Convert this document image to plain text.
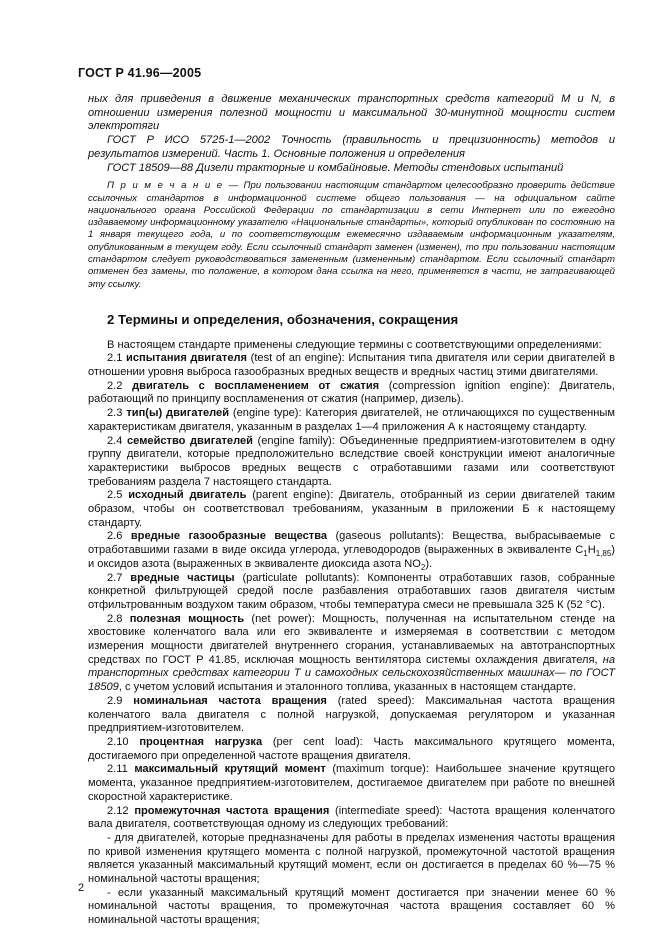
ГОСТ Р 41.96—2005

ных для приведения в движение механических транспортных средств категорий M и N, в отношении измерения полезной мощности и максимальной 30-минутной мощности систем электротяги

ГОСТ Р ИСО 5725-1—2002 Точность (правильность и прецизионность) методов и результатов измерений. Часть 1. Основные положения и определения

ГОСТ 18509—88 Дизели тракторные и комбайновые. Методы стендовых испытаний

П р и м е ч а н и е — При пользовании настоящим стандартом целесообразно проверить действие ссылочных стандартов в информационной системе общего пользования — на официальном сайте национального органа Российской Федерации по стандартизации в сети Интернет или по ежегодно издаваемому информационному указателю «Национальные стандарты», который опубликован по состоянию на 1 января текущего года, и по соответствующим ежемесячно издаваемым информационным указателям, опубликованным в текущем году. Если ссылочный стандарт заменен (изменен), то при пользовании настоящим стандартом следует руководствоваться замененным (измененным) стандартом. Если ссылочный стандарт отменен без замены, то положение, в котором дана ссылка на него, применяется в части, не затрагивающей эту ссылку.

2 Термины и определения, обозначения, сокращения

В настоящем стандарте применены следующие термины с соответствующими определениями:

2.1 испытания двигателя (test of an engine): Испытания типа двигателя или серии двигателей в отношении уровня выброса газообразных вредных веществ и вредных частиц этими двигателями.

2.2 двигатель с воспламенением от сжатия (compression ignition engine): Двигатель, работающий по принципу воспламенения от сжатия (например, дизель).

2.3 тип(ы) двигателей (engine type): Категория двигателей, не отличающихся по существенным характеристикам двигателя, указанным в разделах 1—4 приложения А к настоящему стандарту.

2.4 семейство двигателей (engine family): Объединенные предприятием-изготовителем в одну группу двигатели, которые предположительно вследствие своей конструкции имеют аналогичные характеристики выбросов вредных веществ с отработавшими газами или соответствуют требованиям раздела 7 настоящего стандарта.

2.5 исходный двигатель (parent engine): Двигатель, отобранный из серии двигателей таким образом, чтобы он соответствовал требованиям, указанным в приложении Б к настоящему стандарту.

2.6 вредные газообразные вещества (gaseous pollutants): Вещества, выбрасываемые с отработавшими газами в виде оксида углерода, углеводородов (выраженных в эквиваленте $C_1H_{1,85}$) и оксидов азота (выраженных в эквиваленте диоксида азота $NO_2$).

2.7 вредные частицы (particulate pollutants): Компоненты отработавших газов, собранные конкретной фильтрующей средой после разбавления отработавших газов двигателя чистым отфильтрованным воздухом таким образом, чтобы температура смеси не превышала 325 К (52 °С).

2.8 полезная мощность (net power): Мощность, полученная на испытательном стенде на хвостовике коленчатого вала или его эквиваленте и измеряемая в соответствии с методом измерения мощности двигателей внутреннего сгорания, устанавливаемых на автотранспортных средствах по ГОСТ Р 41.85, исключая мощность вентилятора системы охлаждения двигателя, на транспортных средствах категории T и самоходных сельскохозяйственных машинах— по ГОСТ 18509, с учетом условий испытания и эталонного топлива, указанных в настоящем стандарте.

2.9 номинальная частота вращения (rated speed): Максимальная частота вращения коленчатого вала двигателя с полной нагрузкой, допускаемая регулятором и указанная предприятием-изготовителем.

2.10 процентная нагрузка (per cent load): Часть максимального крутящего момента, достигаемого при определенной частоте вращения двигателя.

2.11 максимальный крутящий момент (maximum torque): Наибольшее значение крутящего момента, указанное предприятием-изготовителем, достигаемое двигателем при работе по внешней скоростной характеристике.

2.12 промежуточная частота вращения (intermediate speed): Частота вращения коленчатого вала двигателя, соответствующая одному из следующих требований:

- для двигателей, которые предназначены для работы в пределах изменения частоты вращения по кривой изменения крутящего момента с полной нагрузкой, промежуточной частотой вращения является указанный максимальный крутящий момент, если он достигается в пределах 60 %—75 % номинальной частоты вращения;

- если указанный максимальный крутящий момент достигается при значении менее 60 % номинальной частоты вращения, то промежуточная частота вращения составляет 60 % номинальной частоты вращения;

2
